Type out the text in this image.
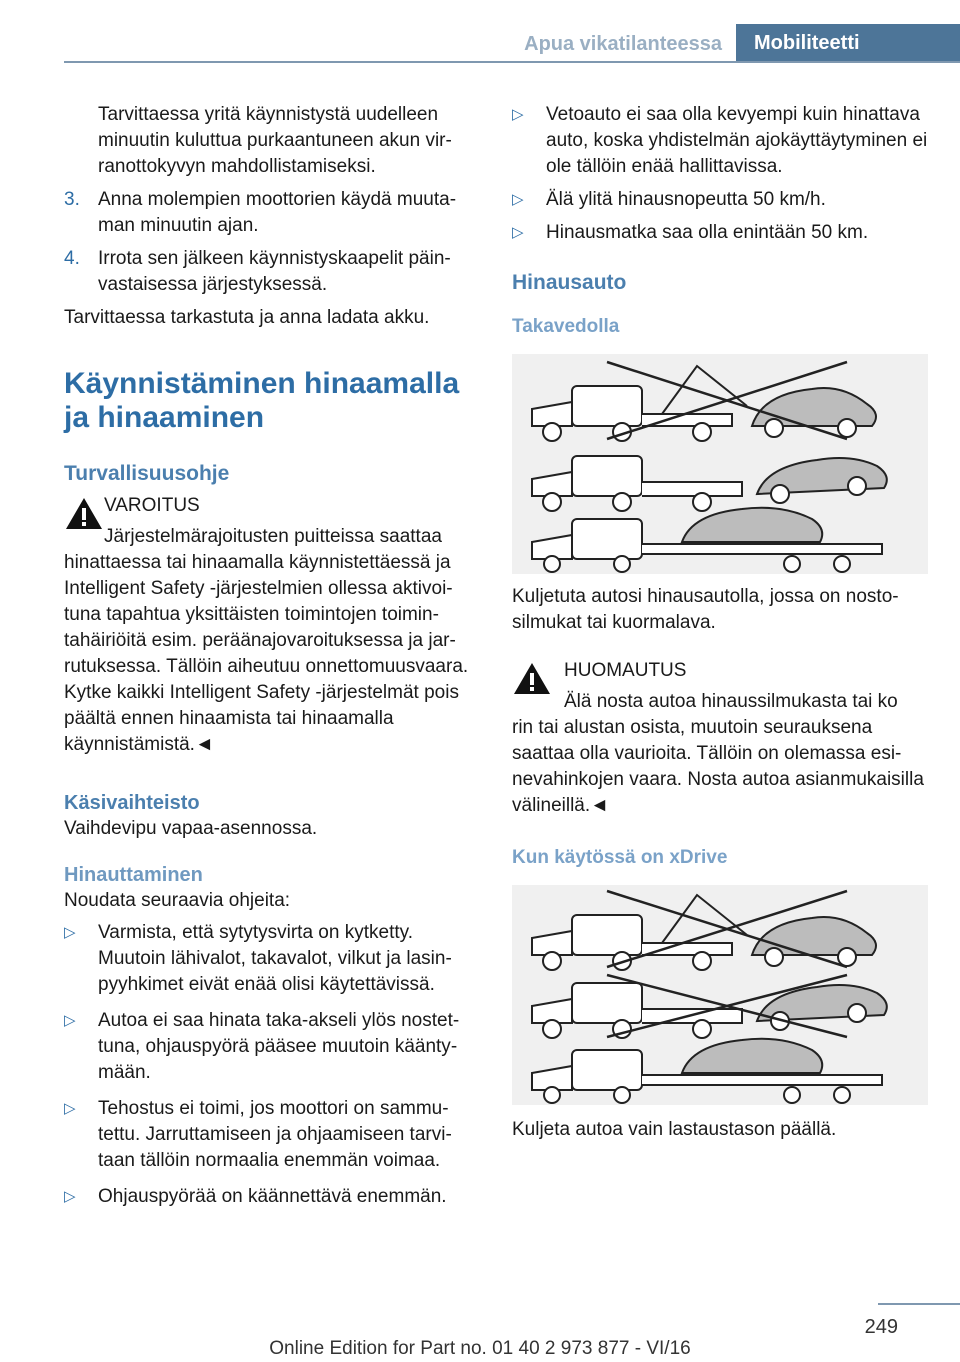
Apua vikatilanteessa	Mobiliteetti

Tarvittaessa yritä käynnistystä uudelleen minuutin kuluttua purkaantuneen akun virranottokyvyn mahdollistamiseksi.

3. Anna molempien moottorien käydä muutaman minuutin ajan.
4. Irrota sen jälkeen käynnistyskaapelit päinvastaisessa järjestyksessä.

Tarvittaessa tarkastuta ja anna ladata akku.

Käynnistäminen hinaamalla ja hinaaminen
Turvallisuusohje

VAROITUS

Järjestelmärajoitusten puitteissa saattaa

hinattaessa tai hinaamalla käynnistettäessä ja Intelligent Safety -järjestelmien ollessa aktivoituna tapahtua yksittäisten toimintojen toimintahäiriöitä esim. peräänajovaroituksessa ja jarrutuksessa. Tällöin aiheutuu onnettomuusvaara. Kytke kaikki Intelligent Safety -järjestelmät pois päältä ennen hinaamista tai hinaamalla käynnistämistä.◄

Käsivaihteisto

Vaihdevipu vapaa-asennossa.

Hinauttaminen

Noudata seuraavia ohjeita:

▷ Varmista, että sytytysvirta on kytketty. Muutoin lähivalot, takavalot, vilkut ja lasinpyyhkimet eivät enää olisi käytettävissä.
▷ Autoa ei saa hinata taka-akseli ylös nostettuna, ohjauspyörä pääsee muutoin kääntymään.
▷ Tehostus ei toimi, jos moottori on sammutettu. Jarruttamiseen ja ohjaamiseen tarvitaan tällöin normaalia enemmän voimaa.
▷ Ohjauspyörää on käännettävä enemmän.
▷ Vetoauto ei saa olla kevyempi kuin hinattava auto, koska yhdistelmän ajokäyttäytyminen ei ole tällöin enää hallittavissa.
▷ Älä ylitä hinausnopeutta 50 km/h.
▷ Hinausmatka saa olla enintään 50 km.
Hinausauto
Takavedolla

Kuljetuta autosi hinausautolla, jossa on nostosilmukat tai kuormalava.

HUOMAUTUS

Älä nosta autoa hinaussilmukasta tai ko

rin tai alustan osista, muutoin seurauksena saattaa olla vaurioita. Tällöin on olemassa esinevahinkojen vaara. Nosta autoa asianmukaisilla välineillä.◄

Kun käytössä on xDrive

Kuljeta autoa vain lastaustason päällä.

249
Online Edition for Part no. 01 40 2 973 877 - VI/16
